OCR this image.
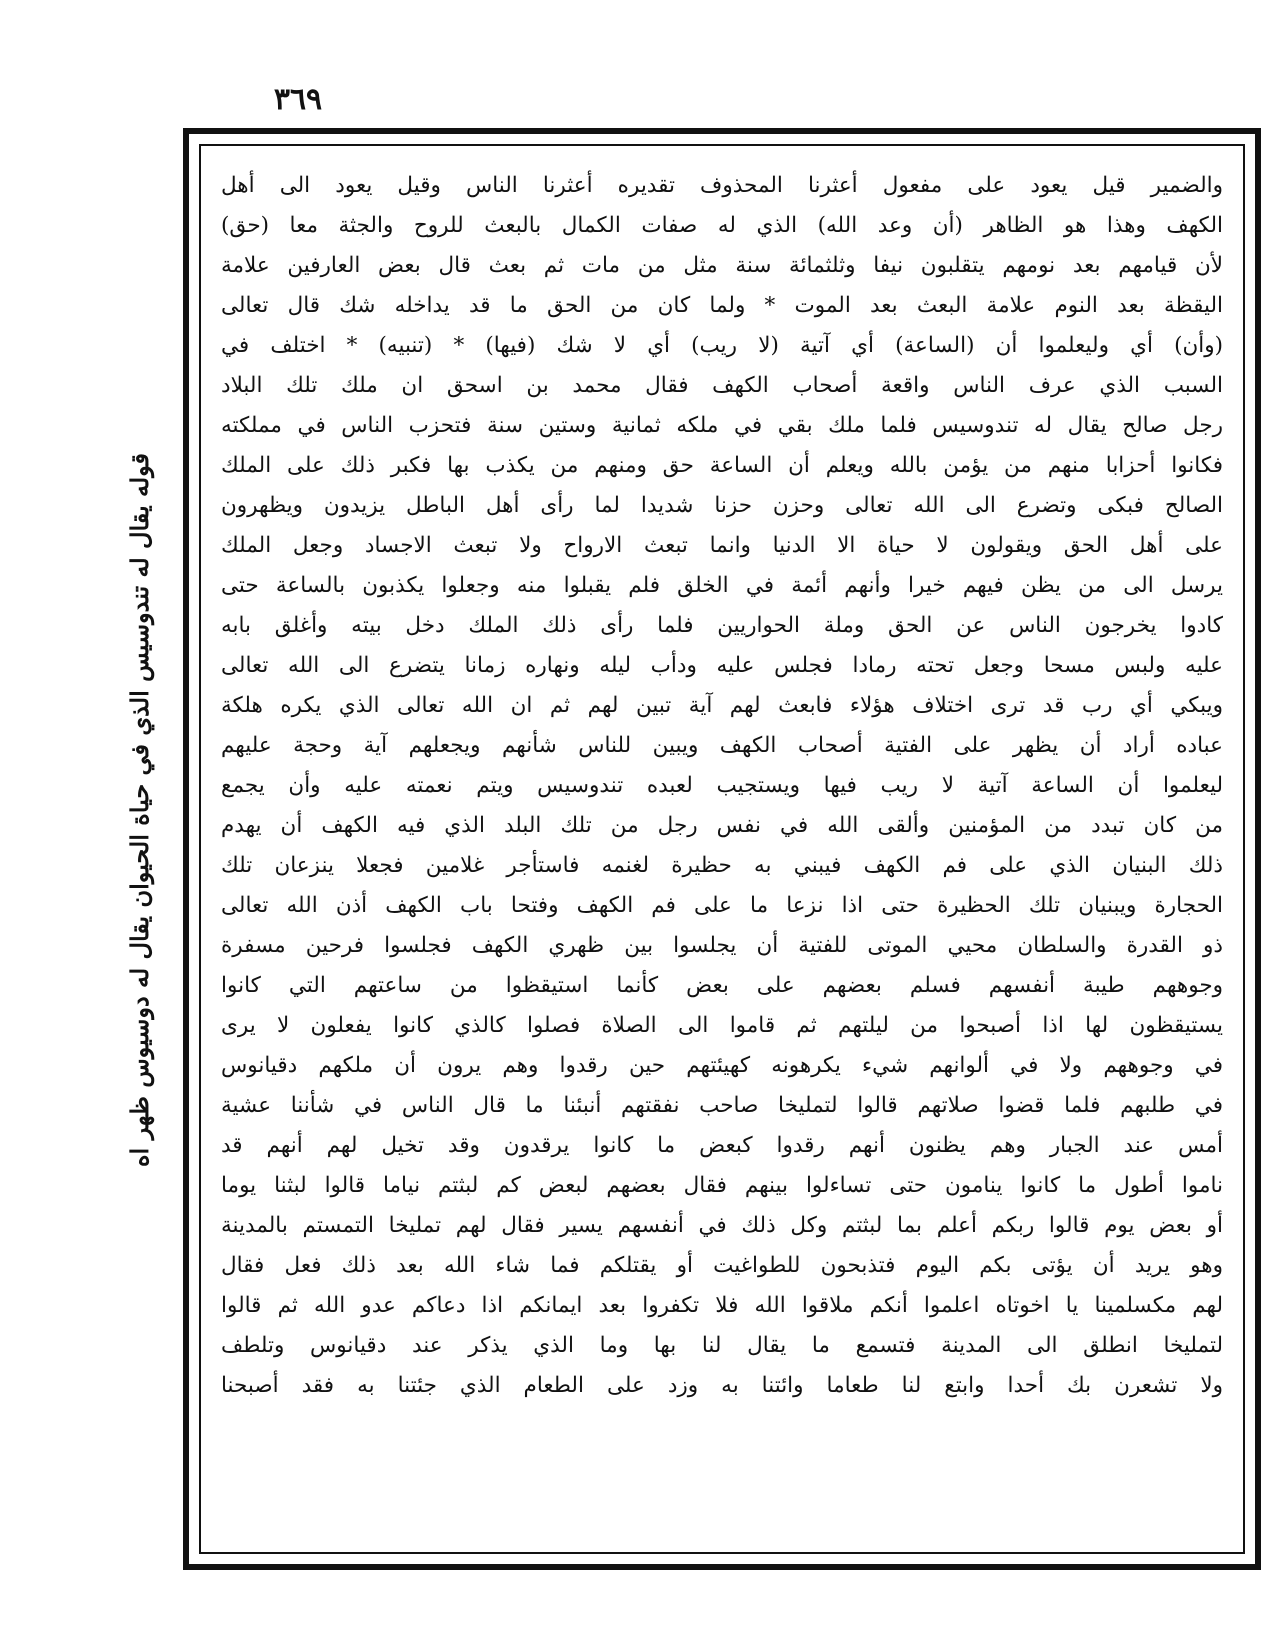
٣٦٩
قوله يقال له تندوسيس الذي في حياة الحيوان يقال له دوسيوس ظهر اه
والضمير قيل يعود على مفعول أعثرنا المحذوف تقديره أعثرنا الناس وقيل يعود الى أهل
الكهف وهذا هو الظاهر (أن وعد الله) الذي له صفات الكمال بالبعث للروح والجثة معا (حق)
لأن قيامهم بعد نومهم يتقلبون نيفا وثلثمائة سنة مثل من مات ثم بعث قال بعض العارفين علامة
اليقظة بعد النوم علامة البعث بعد الموت * ولما كان من الحق ما قد يداخله شك قال تعالى
(وأن) أي وليعلموا أن (الساعة) أي آتية (لا ريب) أي لا شك (فيها) * (تنبيه) * اختلف في
السبب الذي عرف الناس واقعة أصحاب الكهف فقال محمد بن اسحق ان ملك تلك البلاد
رجل صالح يقال له تندوسيس فلما ملك بقي في ملكه ثمانية وستين سنة فتحزب الناس في مملكته
فكانوا أحزابا منهم من يؤمن بالله ويعلم أن الساعة حق ومنهم من يكذب بها فكبر ذلك على الملك
الصالح فبكى وتضرع الى الله تعالى وحزن حزنا شديدا لما رأى أهل الباطل يزيدون ويظهرون
على أهل الحق ويقولون لا حياة الا الدنيا وانما تبعث الارواح ولا تبعث الاجساد وجعل الملك
يرسل الى من يظن فيهم خيرا وأنهم أئمة في الخلق فلم يقبلوا منه وجعلوا يكذبون بالساعة حتى
كادوا يخرجون الناس عن الحق وملة الحواريين فلما رأى ذلك الملك دخل بيته وأغلق بابه
عليه ولبس مسحا وجعل تحته رمادا فجلس عليه ودأب ليله ونهاره زمانا يتضرع الى الله تعالى
ويبكي أي رب قد ترى اختلاف هؤلاء فابعث لهم آية تبين لهم ثم ان الله تعالى الذي يكره هلكة
عباده أراد أن يظهر على الفتية أصحاب الكهف ويبين للناس شأنهم ويجعلهم آية وحجة عليهم
ليعلموا أن الساعة آتية لا ريب فيها ويستجيب لعبده تندوسيس ويتم نعمته عليه وأن يجمع
من كان تبدد من المؤمنين وألقى الله في نفس رجل من تلك البلد الذي فيه الكهف أن يهدم
ذلك البنيان الذي على فم الكهف فيبني به حظيرة لغنمه فاستأجر غلامين فجعلا ينزعان تلك
الحجارة ويبنيان تلك الحظيرة حتى اذا نزعا ما على فم الكهف وفتحا باب الكهف أذن الله تعالى
ذو القدرة والسلطان محيي الموتى للفتية أن يجلسوا بين ظهري الكهف فجلسوا فرحين مسفرة
وجوههم طيبة أنفسهم فسلم بعضهم على بعض كأنما استيقظوا من ساعتهم التي كانوا
يستيقظون لها اذا أصبحوا من ليلتهم ثم قاموا الى الصلاة فصلوا كالذي كانوا يفعلون لا يرى
في وجوههم ولا في ألوانهم شيء يكرهونه كهيئتهم حين رقدوا وهم يرون أن ملكهم دقيانوس
في طلبهم فلما قضوا صلاتهم قالوا لتمليخا صاحب نفقتهم أنبئنا ما قال الناس في شأننا عشية
أمس عند الجبار وهم يظنون أنهم رقدوا كبعض ما كانوا يرقدون وقد تخيل لهم أنهم قد
ناموا أطول ما كانوا ينامون حتى تساءلوا بينهم فقال بعضهم لبعض كم لبثتم نياما قالوا لبثنا يوما
أو بعض يوم قالوا ربكم أعلم بما لبثتم وكل ذلك في أنفسهم يسير فقال لهم تمليخا التمستم بالمدينة
وهو يريد أن يؤتى بكم اليوم فتذبحون للطواغيت أو يقتلكم فما شاء الله بعد ذلك فعل فقال
لهم مكسلمينا يا اخوتاه اعلموا أنكم ملاقوا الله فلا تكفروا بعد ايمانكم اذا دعاكم عدو الله ثم قالوا
لتمليخا انطلق الى المدينة فتسمع ما يقال لنا بها وما الذي يذكر عند دقيانوس وتلطف
ولا تشعرن بك أحدا وابتع لنا طعاما وائتنا به وزد على الطعام الذي جئتنا به فقد أصبحنا
